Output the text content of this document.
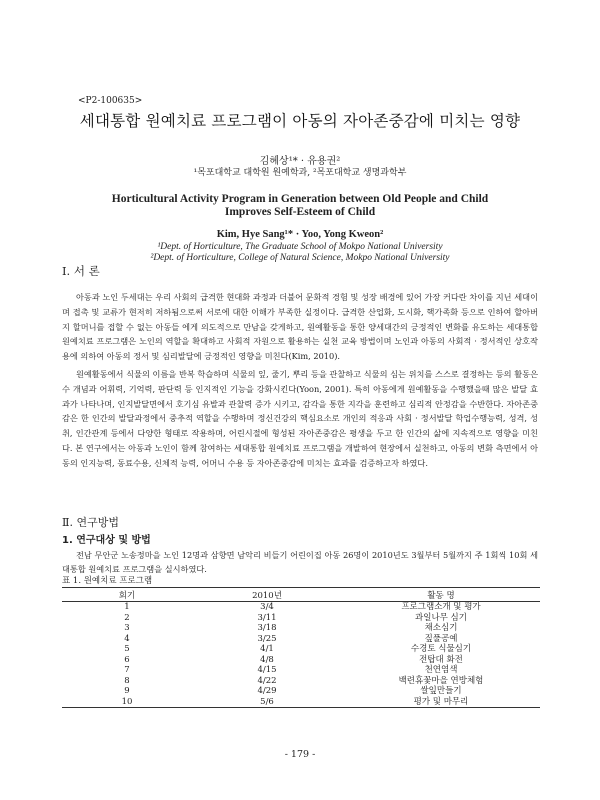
<P2-100635>
세대통합 원예치료 프로그램이 아동의 자아존중감에 미치는 영향
김혜상¹* · 유용권²
¹목포대학교 대학원 원예학과, ²목포대학교 생명과학부
Horticultural Activity Program in Generation between Old People and Child Improves Self-Esteem of Child
Kim, Hye Sang¹* · Yoo, Yong Kweon²
¹Dept. of Horticulture, The Graduate School of Mokpo National University
²Dept. of Horticulture, College of Natural Science, Mokpo National University
Ⅰ. 서 론

아동과 노인 두세대는 우리 사회의 급격한 현대화 과정과 더불어 문화적 경험 및 성장 배경에 있어 가장 커다란 차이를 지닌 세대이며 접촉 및 교류가 현저히 저하됨으로써 서로에 대한 이해가 부족한 실정이다. 급격한 산업화, 도시화, 핵가족화 등으로 인하여 할아버지 할머니를 접할 수 없는 아동들 에게 의도적으로 만남을 갖게하고, 원예활동을 통한 양세대간의 긍정적인 변화를 유도하는 세대통합 원예치료 프로그램은 노인의 역할을 확대하고 사회적 자원으로 활용하는 실천 교육 방법이며 노인과 아동의 사회적 · 정서적인 상호작용에 의하여 아동의 정서 및 심리발달에 긍정적인 영향을 미친다(Kim, 2010).

원예활동에서 식물의 이름을 반복 학습하며 식물의 잎, 줄기, 뿌리 등을 관찰하고 식물의 심는 위치를 스스로 결정하는 등의 활동은 수 개념과 어휘력, 기억력, 판단력 등 인지적인 기능을 강화시킨다(Yoon, 2001). 특히 아동에게 원예활동을 수행했을때 많은 발달 효과가 나타나며, 인지발달면에서 호기심 유발과 관찰력 증가 시키고, 감각을 통한 지각을 훈련하고 심리적 안정감을 수반한다. 자아존중감은 한 인간의 발달과정에서 중추적 역할을 수행하며 정신건강의 핵심요소로 개인의 적응과 사회 · 정서발달 학업수행능력, 성격, 성취, 인간관계 등에서 다양한 형태로 작용하며, 어린시절에 형성된 자아존중감은 평생을 두고 한 인간의 삶에 지속적으로 영향을 미친다. 본 연구에서는 아동과 노인이 함께 참여하는 세대통합 원예치료 프로그램을 개발하여 현장에서 실천하고, 아동의 변화 측면에서 아동의 인지능력, 동료수용, 신체적 능력, 어머니 수용 등 자아존중감에 미치는 효과를 검증하고자 하였다.

Ⅱ. 연구방법
1. 연구대상 및 방법

전남 무안군 노송정마을 노인 12명과 삼향면 남악리 비들기 어린이집 아동 26명이 2010년도 3월부터 5월까지 주 1회씩 10회 세대통합 원예치료 프로그램을 실시하였다.

표 1. 원예치료 프로그램
회기	2010년	활동 명
1	3/4	프로그램소개 및 평가
2	3/11	과일나무 심기
3	3/18	채소심기
4	3/25	짚풀공예
5	4/1	수경토 식물심기
6	4/8	전탑대 화전
7	4/15	천연염색
8	4/22	백련휴꽃마을 연방체험
9	4/29	쌀잎만들기
10	5/6	평가 및 마무리
- 179 -
